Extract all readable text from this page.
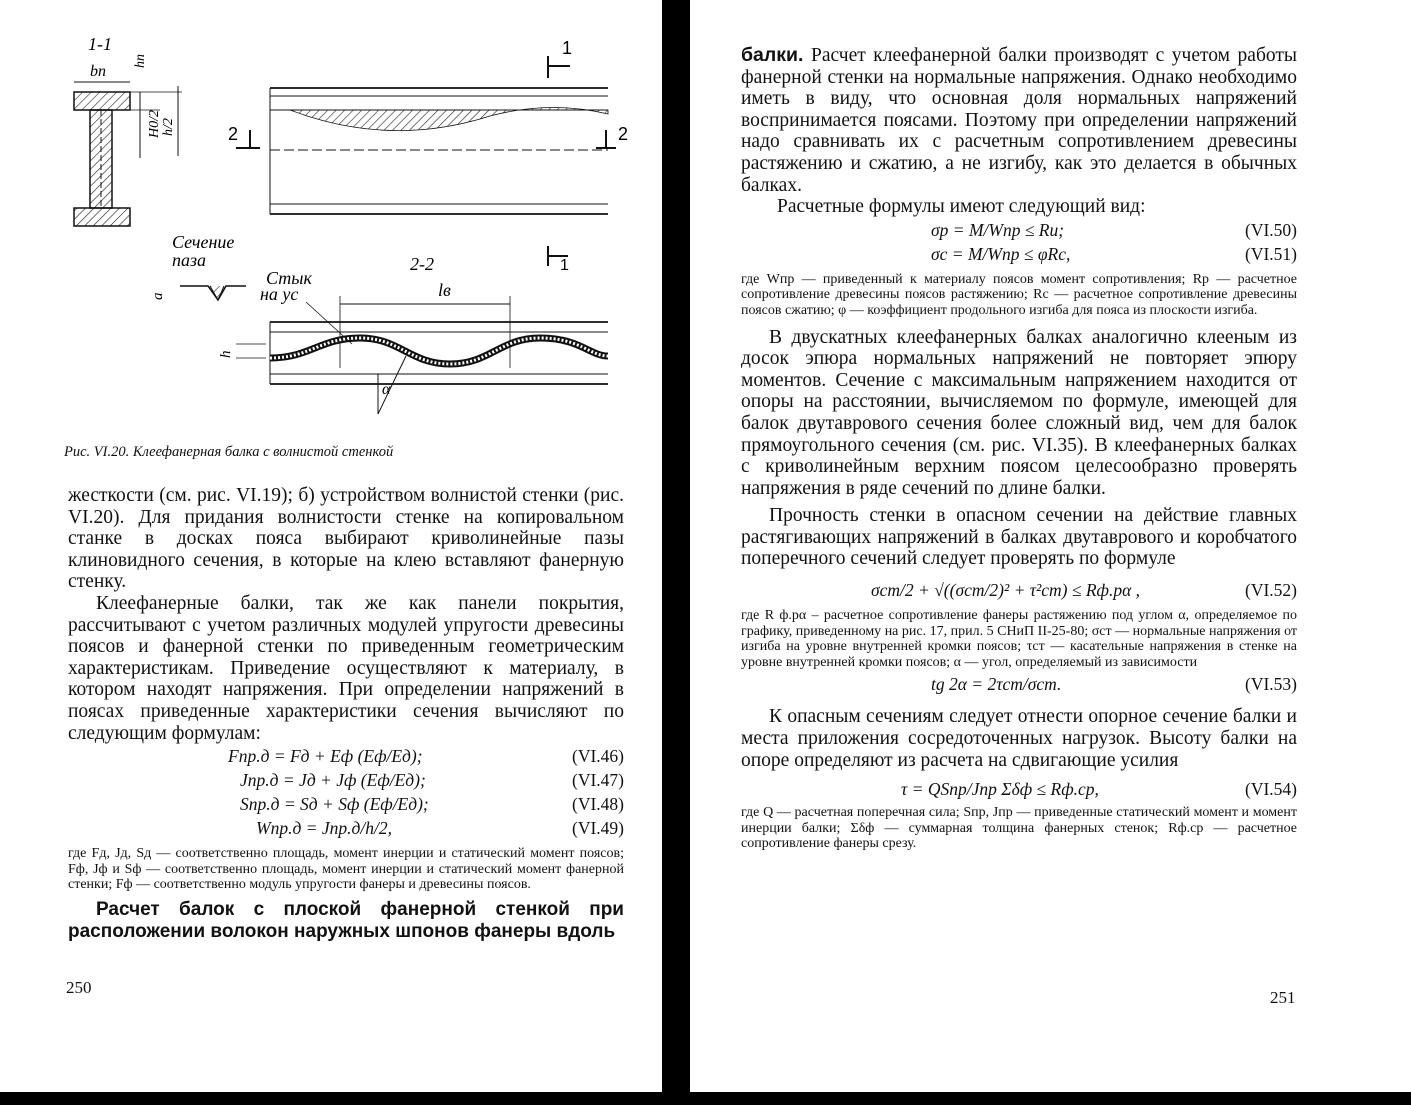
1-1
bп
hп
H0/2 h/2
1
2	2
1
Сечение
паза
a
2-2
Стык
на ус	lв
h
α
Рис. VI.20. Клеефанерная балка с волнистой стенкой

жесткости (см. рис. VI.19); б) устройством волнистой стенки (рис. VI.20). Для придания волнистости стенке на копировальном станке в досках пояса выбирают криволинейные пазы клиновидного сечения, в которые на клею вставляют фанерную стенку.

Клеефанерные балки, так же как панели покрытия, рассчитывают с учетом различных модулей упругости древесины поясов и фанерной стенки по приведенным геометрическим характеристикам. Приведение осуществляют к материалу, в котором находят напряжения. При определении напряжений в поясах приведенные характеристики сечения вычисляют по следующим формулам:

Fпр.д = Fд + Eф (Eф/Eд);	(VI.46)
Jпр.д = Jд + Jф (Eф/Eд);	(VI.47)
Sпр.д = Sд + Sф (Eф/Eд);	(VI.48)
Wпр.д = Jпр.д/h/2,	(VI.49)

где Fд, Jд, Sд — соответственно площадь, момент инерции и статический момент поясов; Fф, Jф и Sф — соответственно площадь, момент инерции и статический момент фанерной стенки; Fф — соответственно модуль упругости фанеры и древесины поясов.

Расчет балок с плоской фанерной стенкой при расположении волокон наружных шпонов фанеры вдоль

250

балки. Расчет клеефанерной балки производят с учетом работы фанерной стенки на нормальные напряжения. Однако необходимо иметь в виду, что основная доля нормальных напряжений воспринимается поясами. Поэтому при определении напряжений надо сравнивать их с расчетным сопротивлением древесины растяжению и сжатию, а не изгибу, как это делается в обычных балках.

Расчетные формулы имеют следующий вид:

σр = M/Wпр ≤ Rи;	(VI.50)
σс = M/Wпр ≤ φRс,	(VI.51)

где Wпр — приведенный к материалу поясов момент сопротивления; Rр — расчетное сопротивление древесины поясов растяжению; Rс — расчетное сопротивление древесины поясов сжатию; φ — коэффициент продольного изгиба для пояса из плоскости изгиба.

В двускатных клеефанерных балках аналогично клееным из досок эпюра нормальных напряжений не повторяет эпюру моментов. Сечение с максимальным напряжением находится от опоры на расстоянии, вычисляемом по формуле, имеющей для балок двутаврового сечения более сложный вид, чем для балок прямоугольного сечения (см. рис. VI.35). В клеефанерных балках с криволинейным верхним поясом целесообразно проверять напряжения в ряде сечений по длине балки.

Прочность стенки в опасном сечении на действие главных растягивающих напряжений в балках двутаврового и коробчатого поперечного сечений следует проверять по формуле

σст/2 + √((σст/2)² + τ²ст) ≤ Rф.рα ,	(VI.52)

где R ф.рα – расчетное сопротивление фанеры растяжению под углом α, определяемое по графику, приведенному на рис. 17, прил. 5 СНиП II-25-80; σст — нормальные напряжения от изгиба на уровне внутренней кромки поясов; τст — касательные напряжения в стенке на уровне внутренней кромки поясов; α — угол, определяемый из зависимости

tg 2α = 2τст/σст.	(VI.53)

К опасным сечениям следует отнести опорное сечение балки и места приложения сосредоточенных нагрузок. Высоту балки на опоре определяют из расчета на сдвигающие усилия

τ = QSпр/Jпр Σδф ≤ Rф.ср,	(VI.54)

где Q — расчетная поперечная сила; Sпр, Jпр — приведенные статический момент и момент инерции балки; Σδф — суммарная толщина фанерных стенок; Rф.ср — расчетное сопротивление фанеры срезу.

251
